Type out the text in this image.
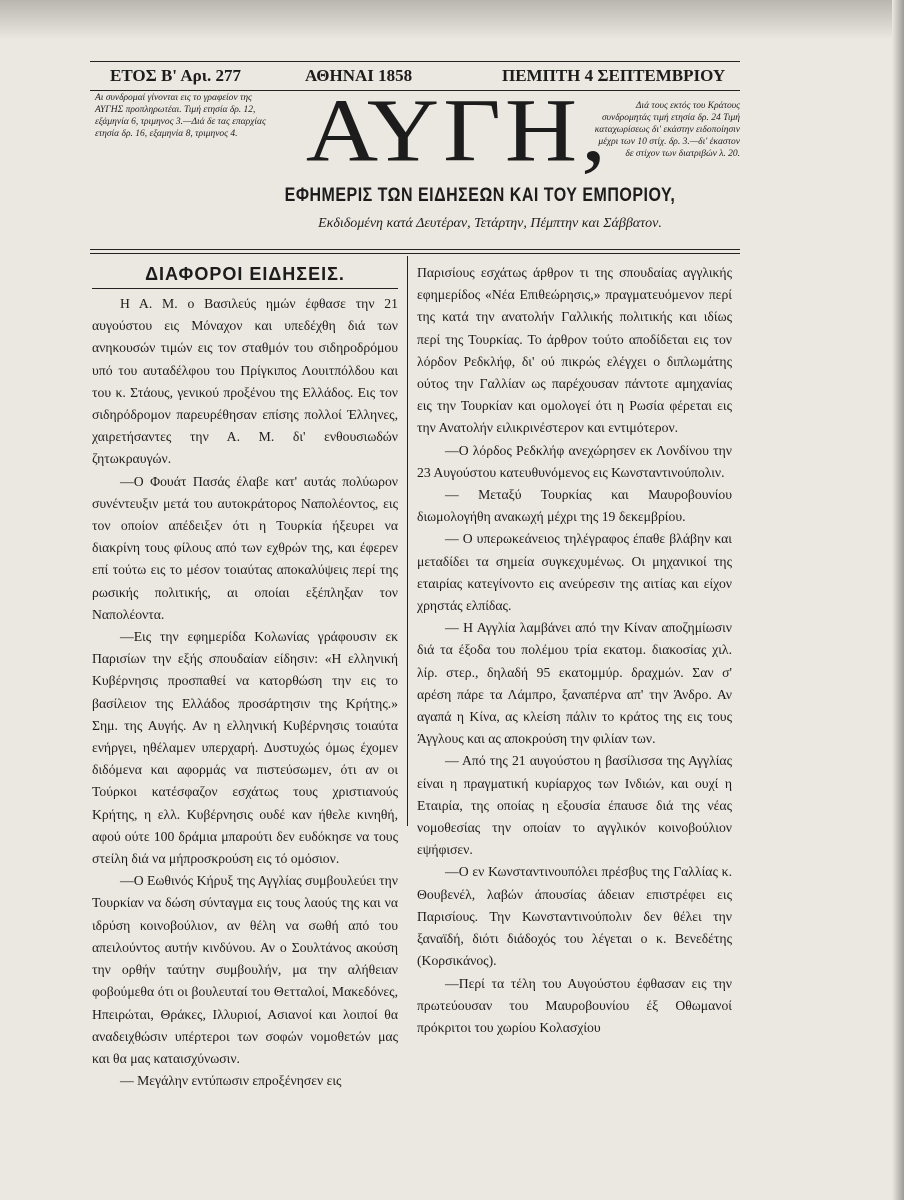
ΕΤΟΣ Β' Αρι. 277	ΑΘΗΝΑΙ 1858	ΠΕΜΠΤΗ 4 ΣΕΠΤΕΜΒΡΙΟΥ
Αι συνδρομαί γίνονται εις το γραφείον της ΑΥΓΗΣ προπληρωτέαι. Τιμή ετησία δρ. 12, εξάμηνία 6, τριμηνος 3.—Διά δε τας επαρχίας ετησία δρ. 16, εξαμηνία 8, τριμηνος 4.
Διά τους εκτός του Κράτους συνδρομητάς τιμή ετησία δρ. 24 Τιμή καταχωρίσεως δι' εκάστην ειδοποίησιν μέχρι των 10 στίχ. δρ. 3.—δι' έκαστον δε στίχον των διατριβών λ. 20.
ΑΥΓΗ,
ΕΦΗΜΕΡΙΣ ΤΩΝ ΕΙΔΗΣΕΩΝ ΚΑΙ ΤΟΥ ΕΜΠΟΡΙΟΥ,
Εκδιδομένη κατά Δευτέραν, Τετάρτην, Πέμπτην και Σάββατον.
ΔΙΑΦΟΡΟΙ ΕΙΔΗΣΕΙΣ.

Η Α. Μ. ο Βασιλεύς ημών έφθασε την 21 αυγούστου εις Μόναχον και υπεδέχθη διά των ανηκουσών τιμών εις τον σταθμόν του σιδηροδρόμου υπό του αυταδέλφου του Πρίγκιπος Λουιτπόλδου και του κ. Στάους, γενικού προξένου της Ελλάδος. Εις τον σιδηρόδρομον παρευρέθησαν επίσης πολλοί Έλληνες, χαιρετήσαντες την Α. Μ. δι' ενθουσιωδών ζητωκραυγών.

—Ο Φουάτ Πασάς έλαβε κατ' αυτάς πολύωρον συνέντευξιν μετά του αυτοκράτορος Ναπολέοντος, εις τον οποίον απέδειξεν ότι η Τουρκία ήξευρει να διακρίνη τους φίλους από των εχθρών της, και έφερεν επί τούτω εις το μέσον τοιαύτας αποκαλύψεις περί της ρωσικής πολιτικής, αι οποίαι εξέπληξαν τον Ναπολέοντα.

—Εις την εφημερίδα Κολωνίας γράφουσιν εκ Παρισίων την εξής σπουδαίαν είδησιν: «Η ελληνική Κυβέρνησις προσπαθεί να κατορθώση την εις το βασίλειον της Ελλάδος προσάρτησιν της Κρήτης.» Σημ. της Αυγής. Αν η ελληνική Κυβέρνησις τοιαύτα ενήργει, ηθέλαμεν υπερχαρή. Δυστυχώς όμως έχομεν διδόμενα και αφορμάς να πιστεύσωμεν, ότι αν οι Τούρκοι κατέσφαζον εσχάτως τους χριστιανούς Κρήτης, η ελλ. Κυβέρνησις ουδέ καν ήθελε κινηθή, αφού ούτε 100 δράμια μπαρούτι δεν ευδόκησε να τους στείλη διά να μήπροσκρούση εις τό ομόσιον.

—Ο Εωθινός Κήρυξ της Αγγλίας συμβουλεύει την Τουρκίαν να δώση σύνταγμα εις τους λαούς της και να ιδρύση κοινοβούλιον, αν θέλη να σωθή από του απειλούντος αυτήν κινδύνου. Αν ο Σουλτάνος ακούση την ορθήν ταύτην συμβουλήν, μα την αλήθειαν φοβούμεθα ότι οι βουλευταί του Θετταλοί, Μακεδόνες, Ηπειρώται, Θράκες, Ιλλυριοί, Ασιανοί και λοιποί θα αναδειχθώσιν υπέρτεροι των σοφών νομοθετών μας και θα μας καταισχύνωσιν.

— Μεγάλην εντύπωσιν επροξένησεν εις

Παρισίους εσχάτως άρθρον τι της σπουδαίας αγγλικής εφημερίδος «Νέα Επιθεώρησις,» πραγματευόμενον περί της κατά την ανατολήν Γαλλικής πολιτικής και ιδίως περί της Τουρκίας. Το άρθρον τούτο αποδίδεται εις τον λόρδον Ρεδκλήφ, δι' ού πικρώς ελέγχει ο διπλωμάτης ούτος την Γαλλίαν ως παρέχουσαν πάντοτε αμηχανίας εις την Τουρκίαν και ομολογεί ότι η Ρωσία φέρεται εις την Ανατολήν ειλικρινέστερον και εντιμότερον.

—Ο λόρδος Ρεδκλήφ ανεχώρησεν εκ Λονδίνου την 23 Αυγούστου κατευθυνόμενος εις Κωνσταντινούπολιν.

— Μεταξύ Τουρκίας και Μαυροβουνίου διωμολογήθη ανακωχή μέχρι της 19 δεκεμβρίου.

— Ο υπερωκεάνειος τηλέγραφος έπαθε βλάβην και μεταδίδει τα σημεία συγκεχυμένως. Οι μηχανικοί της εταιρίας κατεγίνοντο εις ανεύρεσιν της αιτίας και είχον χρηστάς ελπίδας.

— Η Αγγλία λαμβάνει από την Κίναν αποζημίωσιν διά τα έξοδα του πολέμου τρία εκατομ. διακοσίας χιλ. λίρ. στερ., δηλαδή 95 εκατομμύρ. δραχμών. Σαν σ' αρέση πάρε τα Λάμπρο, ξαναπέρνα απ' την Άνδρο. Αν αγαπά η Κίνα, ας κλείση πάλιν το κράτος της εις τους Άγγλους και ας αποκρούση την φιλίαν των.

— Από της 21 αυγούστου η βασίλισσα της Αγγλίας είναι η πραγματική κυρίαρχος των Ινδιών, και ουχί η Εταιρία, της οποίας η εξουσία έπαυσε διά της νέας νομοθεσίας την οποίαν το αγγλικόν κοινοβούλιον εψήφισεν.

—Ο εν Κωνσταντινουπόλει πρέσβυς της Γαλλίας κ. Θουβενέλ, λαβών άπουσίας άδειαν επιστρέφει εις Παρισίους. Την Κωνσταντινούπολιν δεν θέλει την ξαναϊδή, διότι διάδοχός του λέγεται ο κ. Βενεδέτης (Κορσικάνος).

—Περί τα τέλη του Αυγούστου έφθασαν εις την πρωτεύουσαν του Μαυροβουνίου έξ Οθωμανοί πρόκριτοι του χωρίου Κολασχίου
